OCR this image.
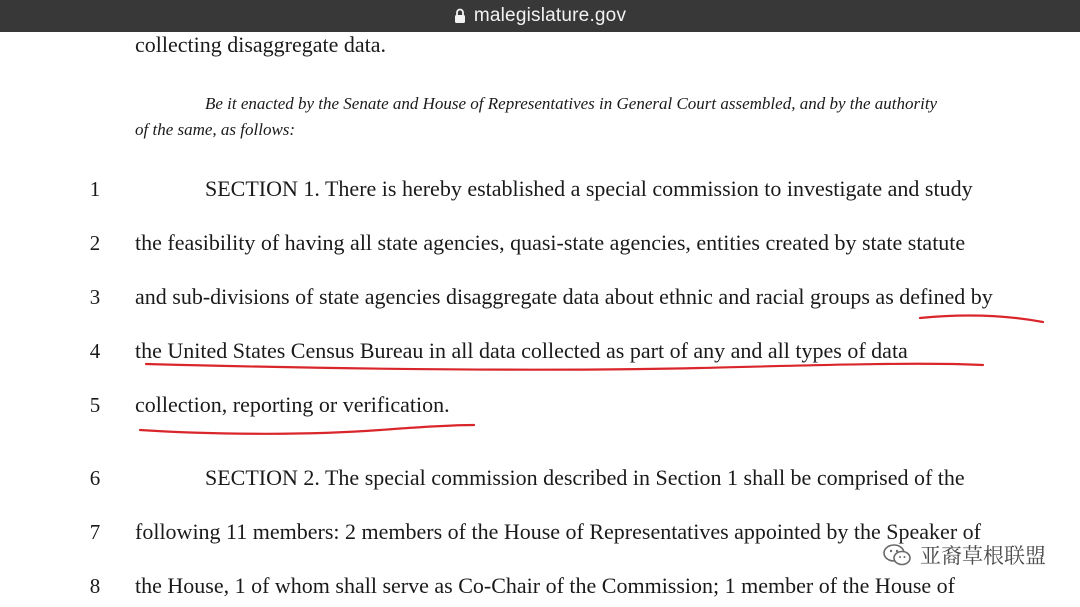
malegislature.gov
collecting disaggregate data.
Be it enacted by the Senate and House of Representatives in General Court assembled, and by the authority
of the same, as follows:
1	SECTION 1. There is hereby established a special commission to investigate and study
2 the feasibility of having all state agencies, quasi-state agencies, entities created by state statute
3 and sub-divisions of state agencies disaggregate data about ethnic and racial groups as defined by
4 the United States Census Bureau in all data collected as part of any and all types of data
5 collection, reporting or verification.
6	SECTION 2. The special commission described in Section 1 shall be comprised of the
7 following 11 members: 2 members of the House of Representatives appointed by the Speaker of
8 the House, 1 of whom shall serve as Co-Chair of the Commission; 1 member of the House of
亚裔草根联盟
